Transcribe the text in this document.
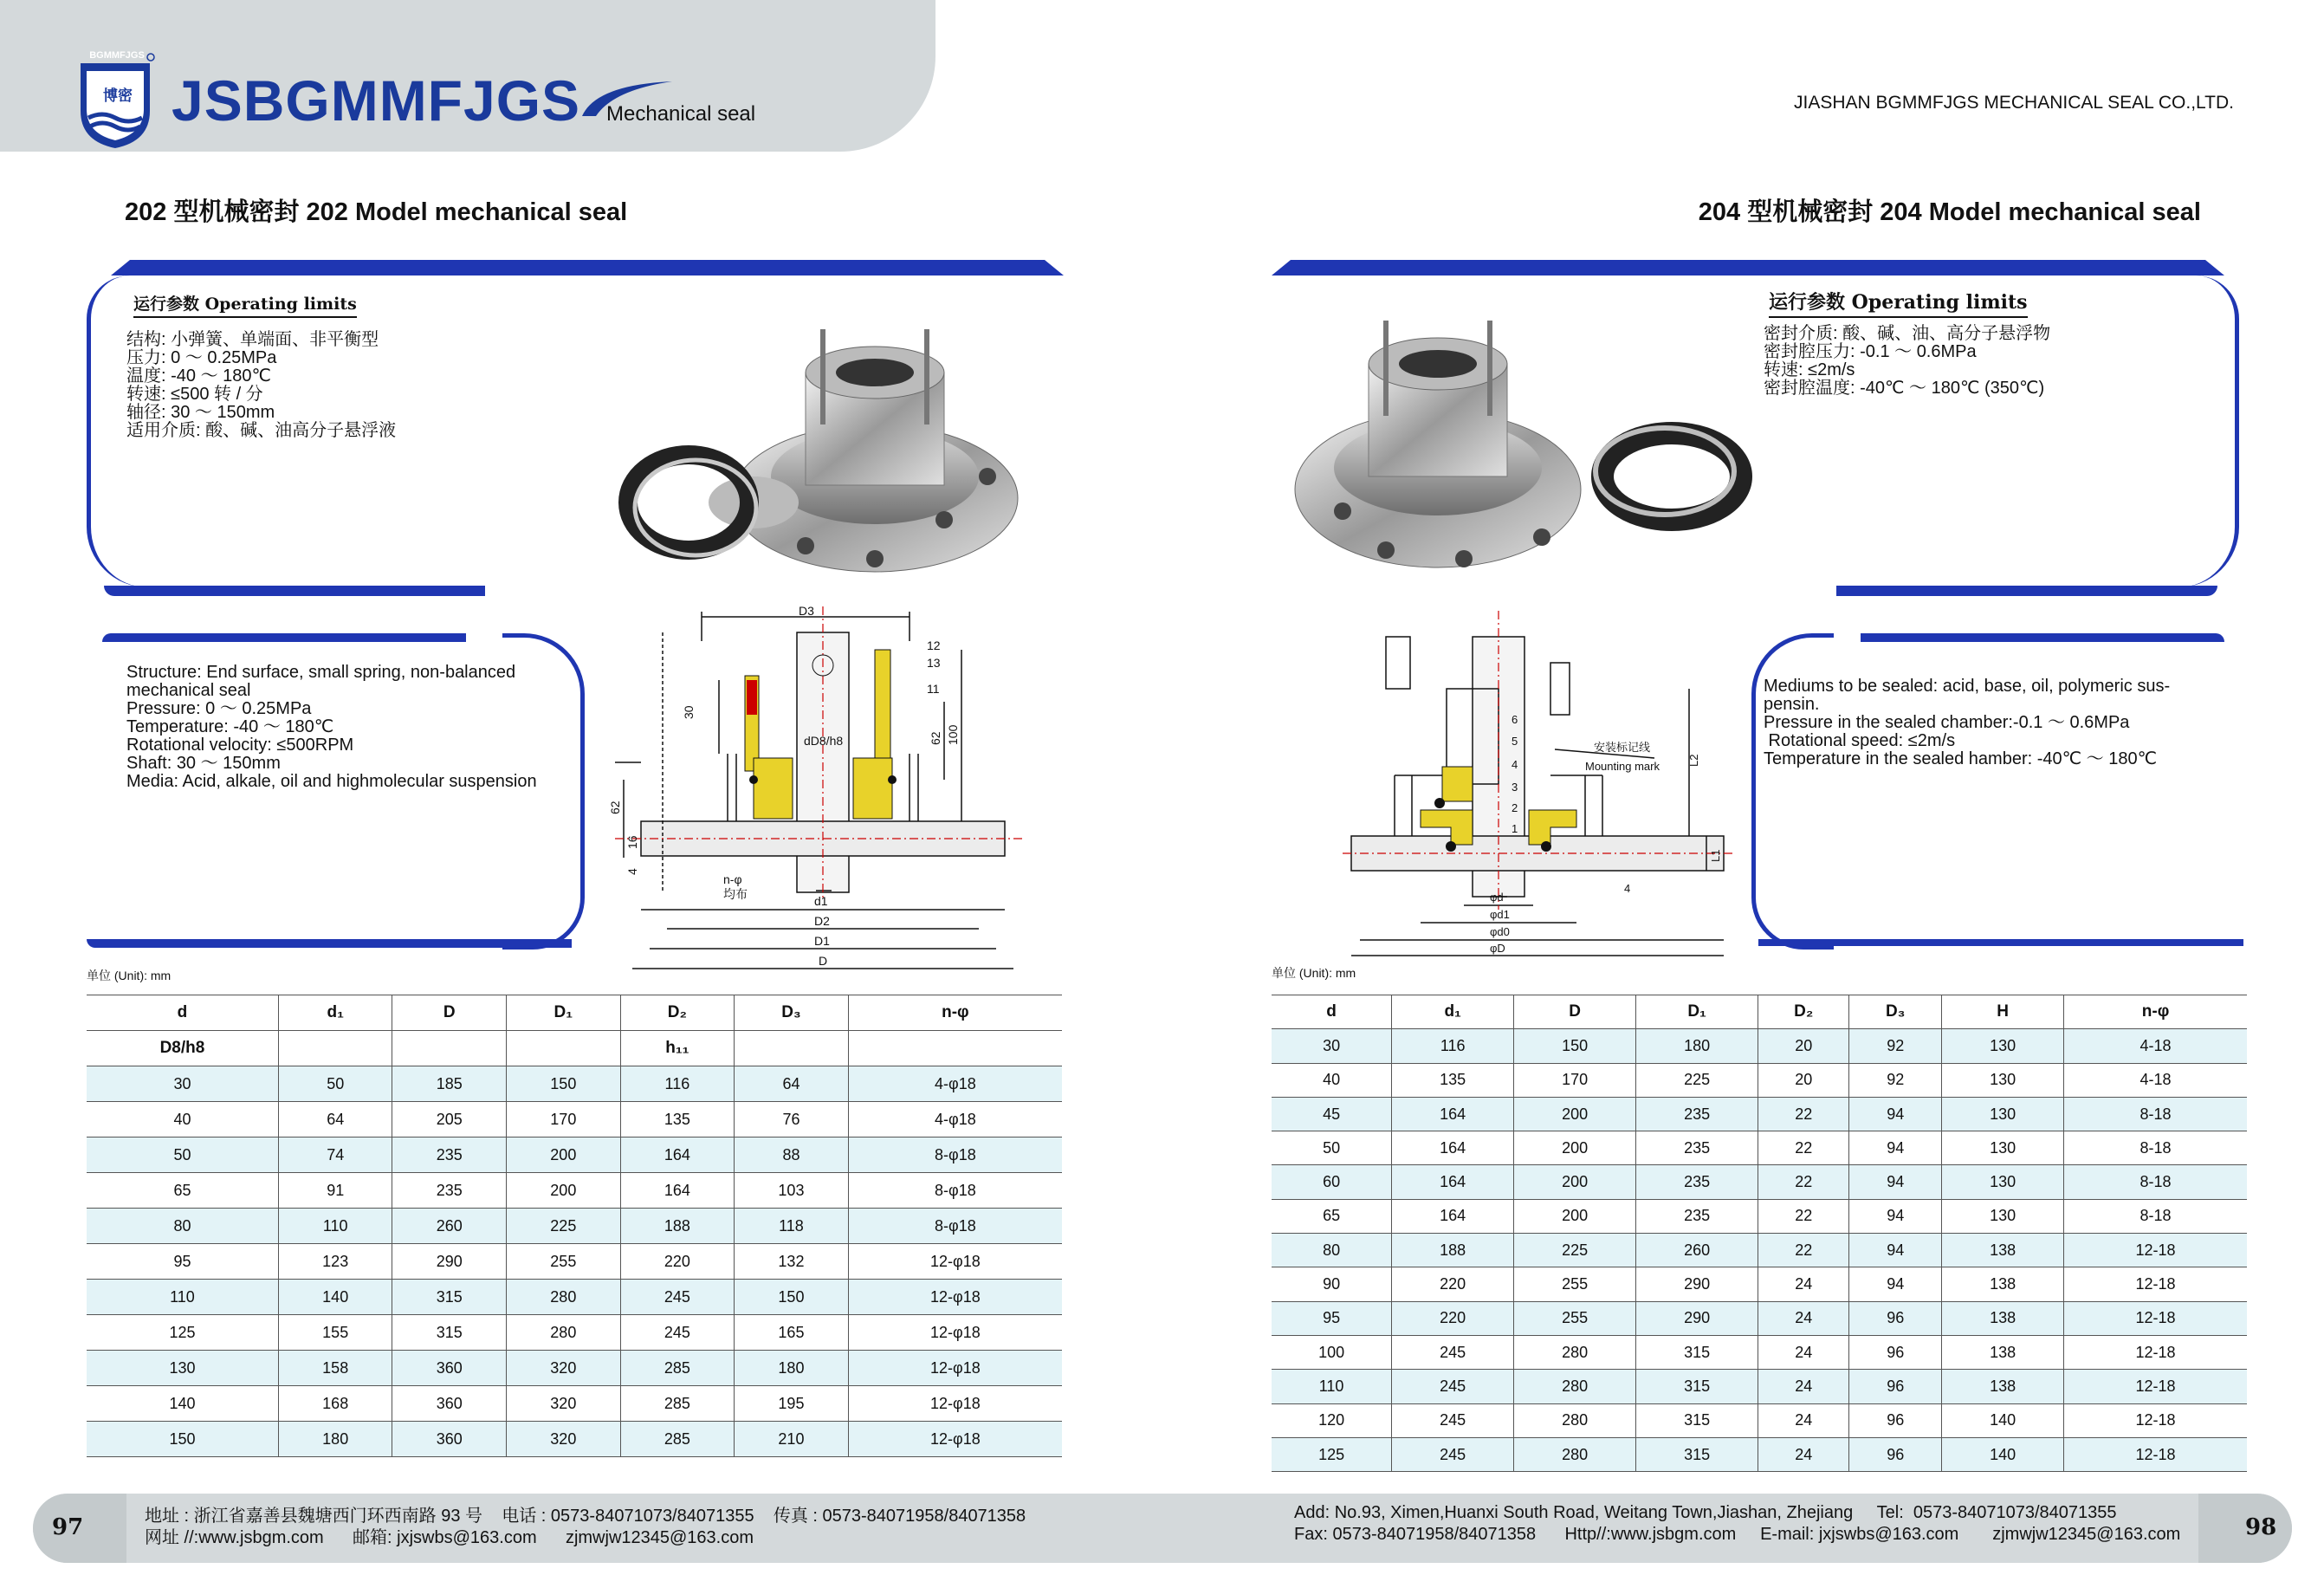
BGMMFJGS
博密 JSBGMMFJGS Mechanical seal	JIASHAN BGMMFJGS MECHANICAL SEAL CO.,LTD.
202 型机械密封 202 Model mechanical seal
运行参数 Operating limits
结构: 小弹簧、单端面、非平衡型
压力: 0 ～ 0.25MPa
温度: -40 ～ 180℃
转速: ≤500 转 / 分
轴径: 30 ～ 150mm
适用介质: 酸、碱、油高分子悬浮液
Structure: End surface, small spring, non-balanced
mechanical seal
Pressure: 0 ～ 0.25MPa
Temperature: -40 ～ 180℃
Rotational velocity: ≤500RPM
Shaft: 30 ～ 150mm
Media: Acid, alkale, oil and highmolecular suspension
D3
12
13
11
30
62 100
dD8/h8
62
16
4
n-φ
均布	d1
D2
D1
D
单位 (Unit): mm
d	d₁	D	D₁	D₂	D₃	n-φ
D8/h8				h₁₁		
30	50	185	150	116	64	4-φ18
40	64	205	170	135	76	4-φ18
50	74	235	200	164	88	8-φ18
65	91	235	200	164	103	8-φ18
80	110	260	225	188	118	8-φ18
95	123	290	255	220	132	12-φ18
110	140	315	280	245	150	12-φ18
125	155	315	280	245	165	12-φ18
130	158	360	320	285	180	12-φ18
140	168	360	320	285	195	12-φ18
150	180	360	320	285	210	12-φ18
204 型机械密封 204 Model mechanical seal
运行参数 Operating limits
密封介质: 酸、碱、油、高分子悬浮物
密封腔压力: -0.1 ～ 0.6MPa
转速: ≤2m/s
密封腔温度: -40℃ ～ 180℃ (350℃)
Mediums to be sealed: acid, base, oil, polymeric sus-
pensin.
Pressure in the sealed chamber:-0.1 ～ 0.6MPa
Rotational speed: ≤2m/s
Temperature in the sealed hamber: -40℃ ～ 180℃
6
5
4
3
2
1
安装标记线
Mounting mark L2
L1
4
φd
φd1
φd0
φD
单位 (Unit): mm
d	d₁	D	D₁	D₂	D₃	H	n-φ
30	116	150	180	20	92	130	4-18
40	135	170	225	20	92	130	4-18
45	164	200	235	22	94	130	8-18
50	164	200	235	22	94	130	8-18
60	164	200	235	22	94	130	8-18
65	164	200	235	22	94	130	8-18
80	188	225	260	22	94	138	12-18
90	220	255	290	24	94	138	12-18
95	220	255	290	24	96	138	12-18
100	245	280	315	24	96	138	12-18
110	245	280	315	24	96	138	12-18
120	245	280	315	24	96	140	12-18
125	245	280	315	24	96	140	12-18
97	98
地址 : 浙江省嘉善县魏塘西门环西南路 93 号    电话 : 0573-84071073/84071355    传真 : 0573-84071958/84071358
网址 //:www.jsbgm.com      邮箱: jxjswbs@163.com      zjmwjw12345@163.com
Add: No.93, Ximen,Huanxi South Road, Weitang Town,Jiashan, Zhejiang     Tel:  0573-84071073/84071355
Fax: 0573-84071958/84071358      Http//:www.jsbgm.com     E-mail: jxjswbs@163.com       zjmwjw12345@163.com
